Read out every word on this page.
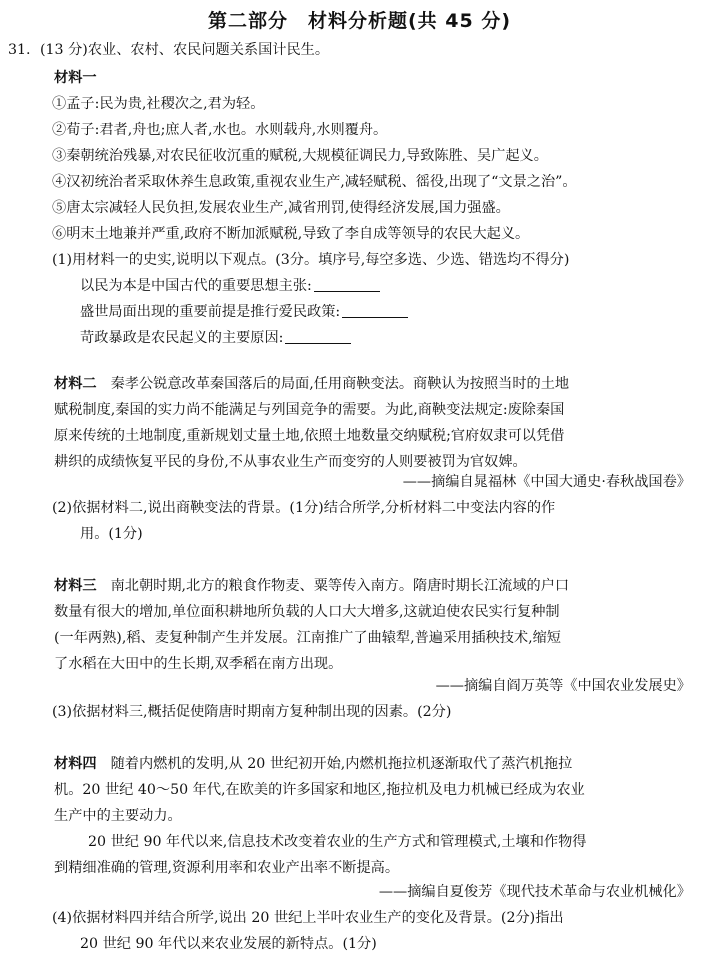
第二部分　材料分析题(共 45 分)
31. (13 分)农业、农村、农民问题关系国计民生。
材料一
①孟子:民为贵,社稷次之,君为轻。
②荀子:君者,舟也;庶人者,水也。水则载舟,水则覆舟。
③秦朝统治残暴,对农民征收沉重的赋税,大规模征调民力,导致陈胜、吴广起义。
④汉初统治者采取休养生息政策,重视农业生产,减轻赋税、徭役,出现了“文景之治”。
⑤唐太宗减轻人民负担,发展农业生产,减省刑罚,使得经济发展,国力强盛。
⑥明末土地兼并严重,政府不断加派赋税,导致了李自成等领导的农民大起义。
(1)用材料一的史实,说明以下观点。(3分。填序号,每空多选、少选、错选均不得分)
以民为本是中国古代的重要思想主张:
盛世局面出现的重要前提是推行爱民政策:
苛政暴政是农民起义的主要原因:
材料二 秦孝公锐意改革秦国落后的局面,任用商鞅变法。商鞅认为按照当时的土地
赋税制度,秦国的实力尚不能满足与列国竞争的需要。为此,商鞅变法规定:废除秦国
原来传统的土地制度,重新规划丈量土地,依照土地数量交纳赋税;官府奴隶可以凭借
耕织的成绩恢复平民的身份,不从事农业生产而变穷的人则要被罚为官奴婢。
——摘编自晁福林《中国大通史·春秋战国卷》
(2)依据材料二,说出商鞅变法的背景。(1分)结合所学,分析材料二中变法内容的作
用。(1分)
材料三 南北朝时期,北方的粮食作物麦、粟等传入南方。隋唐时期长江流域的户口
数量有很大的增加,单位面积耕地所负载的人口大大增多,这就迫使农民实行复种制
(一年两熟),稻、麦复种制产生并发展。江南推广了曲辕犁,普遍采用插秧技术,缩短
了水稻在大田中的生长期,双季稻在南方出现。
——摘编自阎万英等《中国农业发展史》
(3)依据材料三,概括促使隋唐时期南方复种制出现的因素。(2分)
材料四 随着内燃机的发明,从 20 世纪初开始,内燃机拖拉机逐渐取代了蒸汽机拖拉
机。20 世纪 40～50 年代,在欧美的许多国家和地区,拖拉机及电力机械已经成为农业
生产中的主要动力。
20 世纪 90 年代以来,信息技术改变着农业的生产方式和管理模式,土壤和作物得
到精细准确的管理,资源利用率和农业产出率不断提高。
——摘编自夏俊芳《现代技术革命与农业机械化》
(4)依据材料四并结合所学,说出 20 世纪上半叶农业生产的变化及背景。(2分)指出
20 世纪 90 年代以来农业发展的新特点。(1分)
